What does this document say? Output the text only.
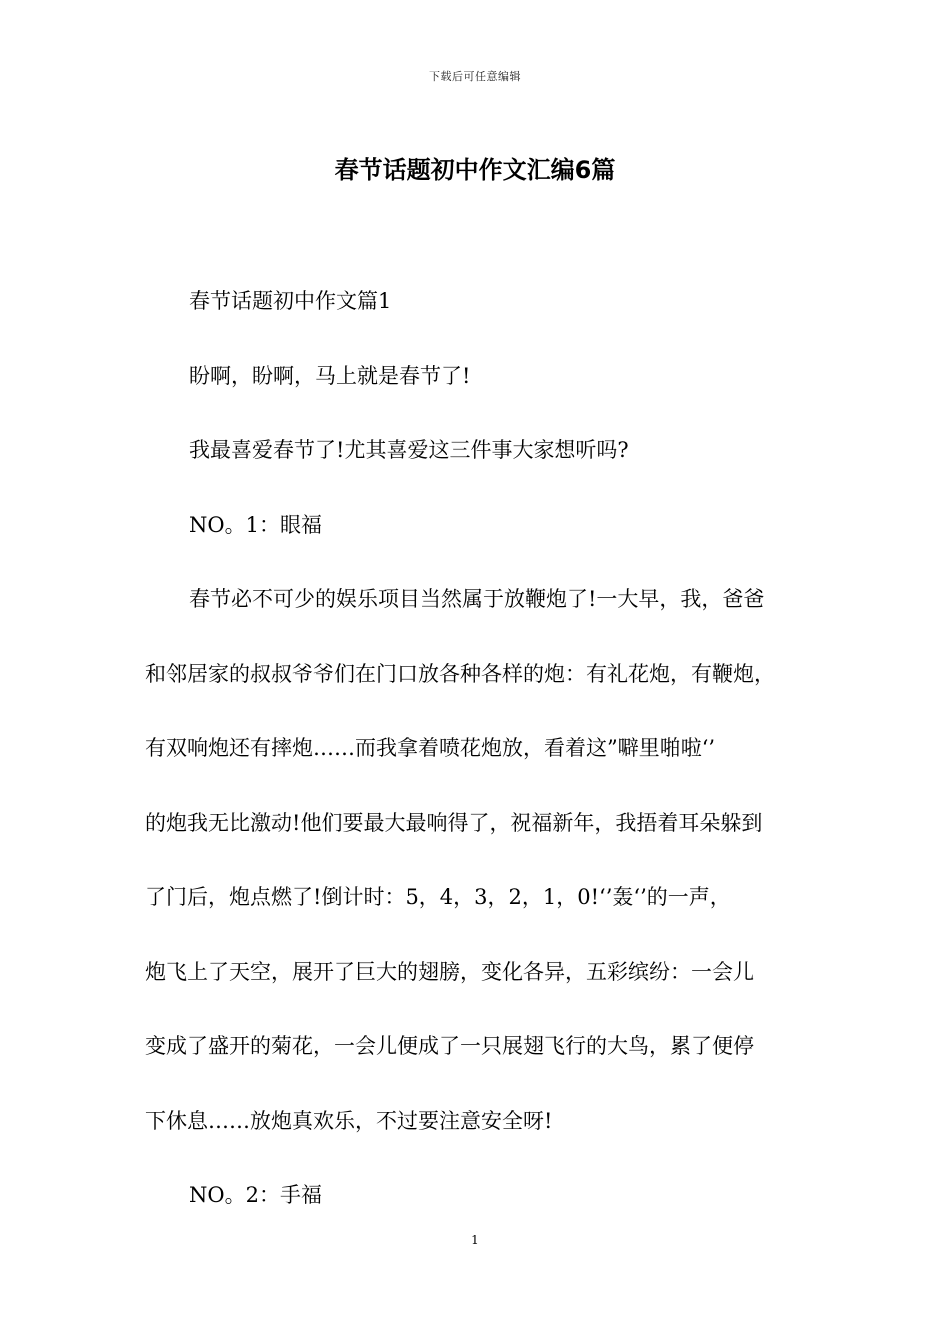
下载后可任意编辑
春节话题初中作文汇编6篇
春节话题初中作文篇1
盼啊，盼啊，马上就是春节了!
我最喜爱春节了!尤其喜爱这三件事大家想听吗?
NO。1：眼福
春节必不可少的娱乐项目当然属于放鞭炮了!一大早，我，爸爸
和邻居家的叔叔爷爷们在门口放各种各样的炮：有礼花炮，有鞭炮，
有双响炮还有摔炮……而我拿着喷花炮放，看着这”噼里啪啦‘’
的炮我无比激动!他们要最大最响得了，祝福新年，我捂着耳朵躲到
了门后，炮点燃了!倒计时：5，4，3，2，1，0!‘’轰‘’的一声，
炮飞上了天空，展开了巨大的翅膀，变化各异，五彩缤纷：一会儿
变成了盛开的菊花，一会儿便成了一只展翅飞行的大鸟，累了便停
下休息……放炮真欢乐，不过要注意安全呀!
NO。2：手福
1
